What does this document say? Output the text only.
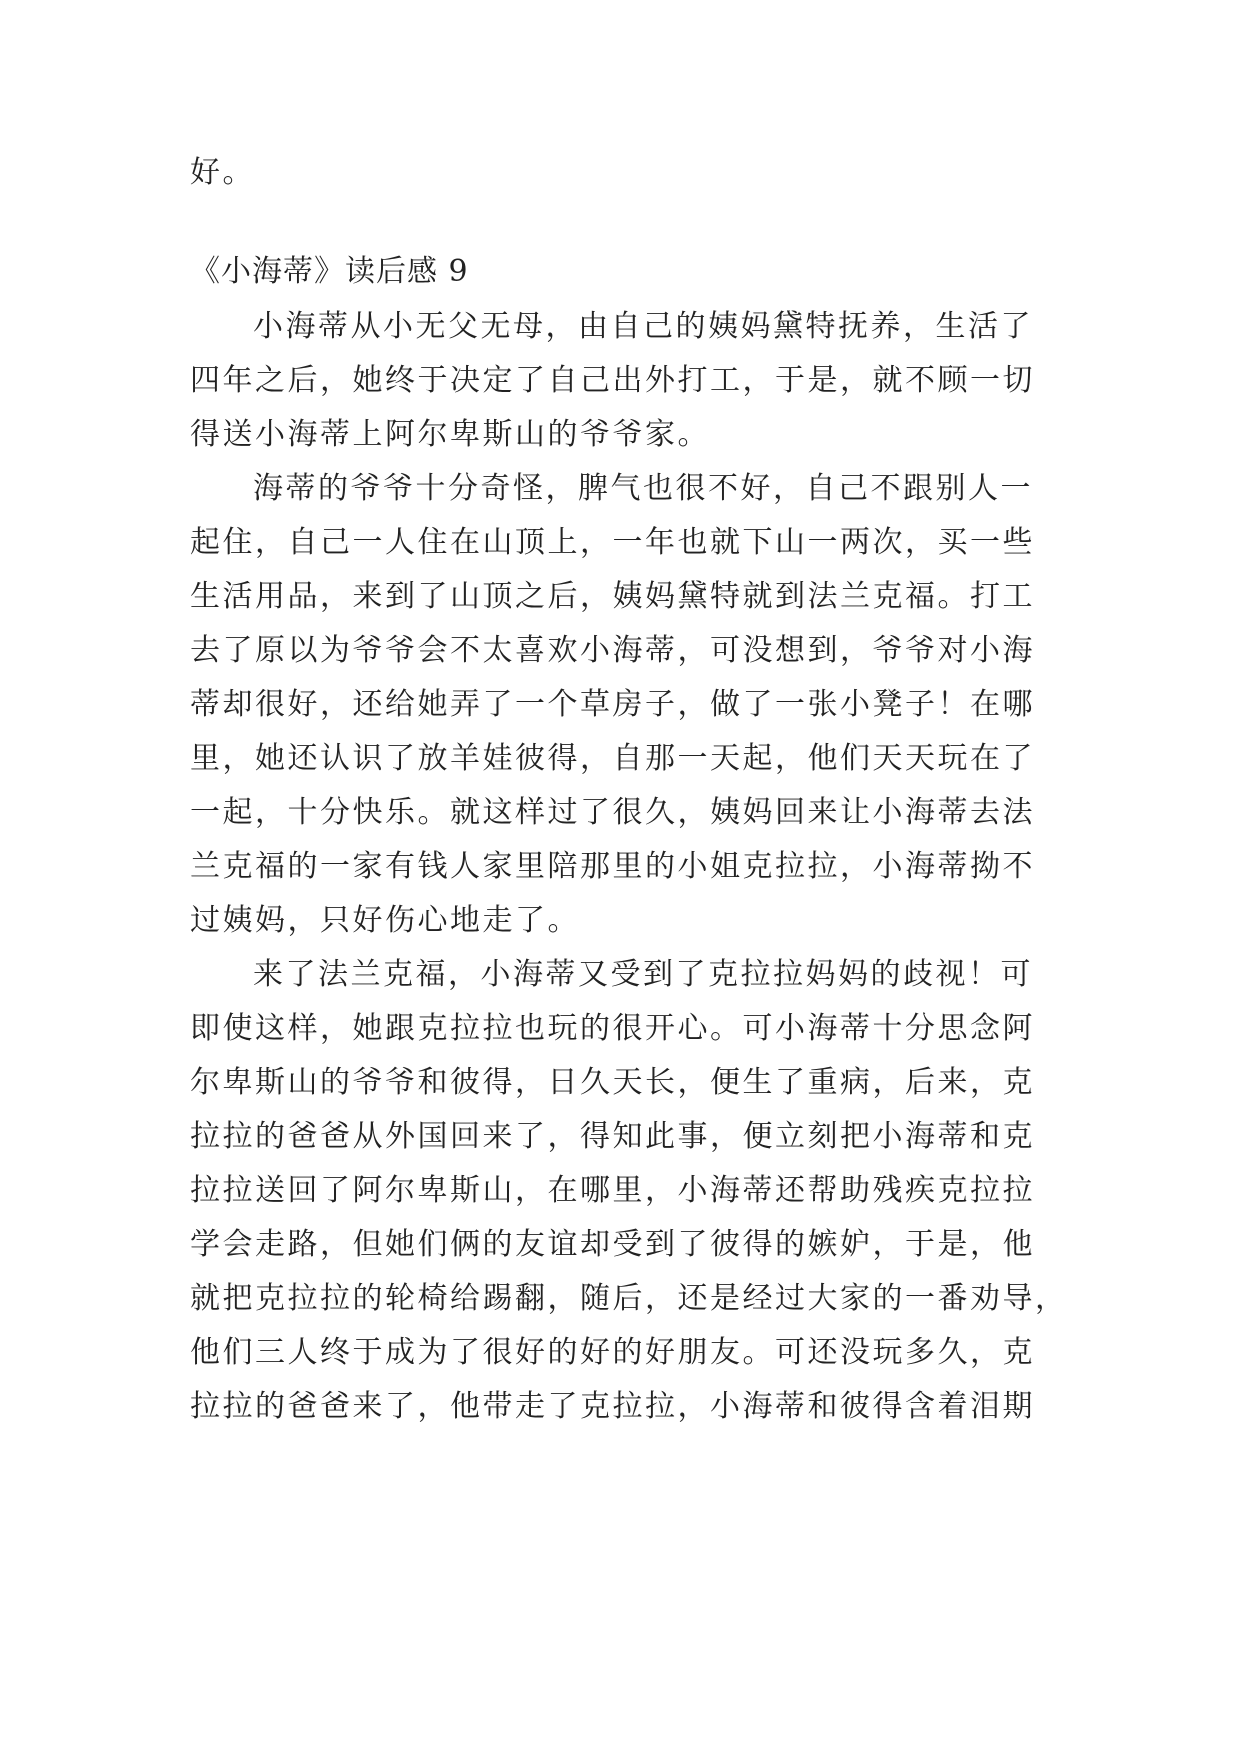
好。
《小海蒂》读后感 9
小海蒂从小无父无母，由自己的姨妈黛特抚养，生活了
四年之后，她终于决定了自己出外打工，于是，就不顾一切
得送小海蒂上阿尔卑斯山的爷爷家。
海蒂的爷爷十分奇怪，脾气也很不好，自己不跟别人一
起住，自己一人住在山顶上，一年也就下山一两次，买一些
生活用品，来到了山顶之后，姨妈黛特就到法兰克福。打工
去了原以为爷爷会不太喜欢小海蒂，可没想到，爷爷对小海
蒂却很好，还给她弄了一个草房子，做了一张小凳子！在哪
里，她还认识了放羊娃彼得，自那一天起，他们天天玩在了
一起，十分快乐。就这样过了很久，姨妈回来让小海蒂去法
兰克福的一家有钱人家里陪那里的小姐克拉拉，小海蒂拗不
过姨妈，只好伤心地走了。
来了法兰克福，小海蒂又受到了克拉拉妈妈的歧视！可
即使这样，她跟克拉拉也玩的很开心。可小海蒂十分思念阿
尔卑斯山的爷爷和彼得，日久天长，便生了重病，后来，克
拉拉的爸爸从外国回来了，得知此事，便立刻把小海蒂和克
拉拉送回了阿尔卑斯山，在哪里，小海蒂还帮助残疾克拉拉
学会走路，但她们俩的友谊却受到了彼得的嫉妒，于是，他
就把克拉拉的轮椅给踢翻，随后，还是经过大家的一番劝导，
他们三人终于成为了很好的好的好朋友。可还没玩多久，克
拉拉的爸爸来了，他带走了克拉拉，小海蒂和彼得含着泪期
